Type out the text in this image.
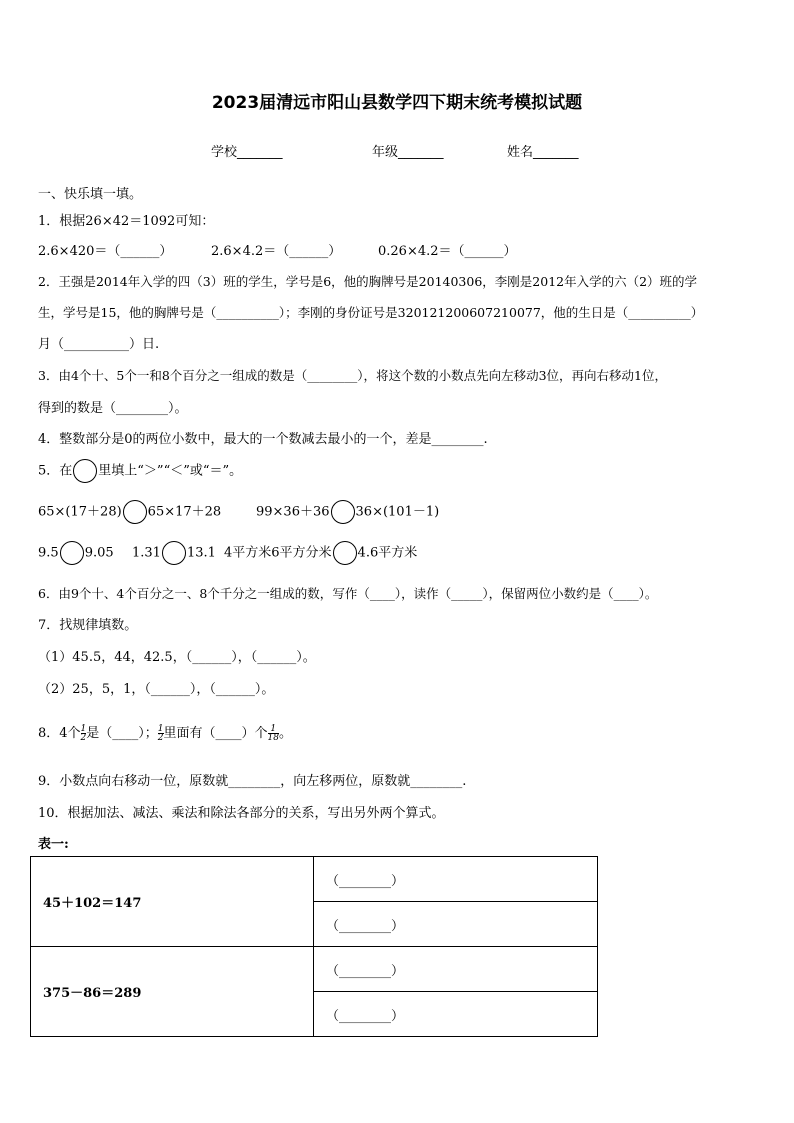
2023届清远市阳山县数学四下期末统考模拟试题
学校_______	年级_______	姓名_______
一、快乐填一填。
1．根据26×42＝1092可知：
2.6×420＝（______）	2.6×4.2＝（______）	0.26×4.2＝（______）
2．王强是2014年入学的四（3）班的学生，学号是6，他的胸牌号是20140306，李刚是2012年入学的六（2）班的学
生，学号是15，他的胸牌号是（__________）；李刚的身份证号是320121200607210077，他的生日是（__________）
月（__________）日.
3．由4个十、5个一和8个百分之一组成的数是（________），将这个数的小数点先向左移动3位，再向右移动1位，
得到的数是（________）。
4．整数部分是0的两位小数中，最大的一个数减去最小的一个，差是________.
5．在 里填上“＞”“＜”或“＝”。
65×(17＋28) 65×17＋28	99×36＋36 36×(101－1)
9.5 9.05 1.31 13.1 4平方米6平方分米 4.6平方米
6．由9个十、4个百分之一、8个千分之一组成的数，写作（____），读作（_____），保留两位小数约是（____）。
7．找规律填数。
（1）45.5，44，42.5，（______），（______）。
（2）25，5，1，（______），（______）。
8．4个 $\frac{1}{2}$ 是（____）； $\frac{1}{2}$ 里面有（____）个 $\frac{1}{18}$ 。
9．小数点向右移动一位，原数就________，向左移两位，原数就________.
10．根据加法、减法、乘法和除法各部分的关系，写出另外两个算式。
表一:
45＋102＝147	（________）
	（________）
375－86＝289	（________）
	（________）
